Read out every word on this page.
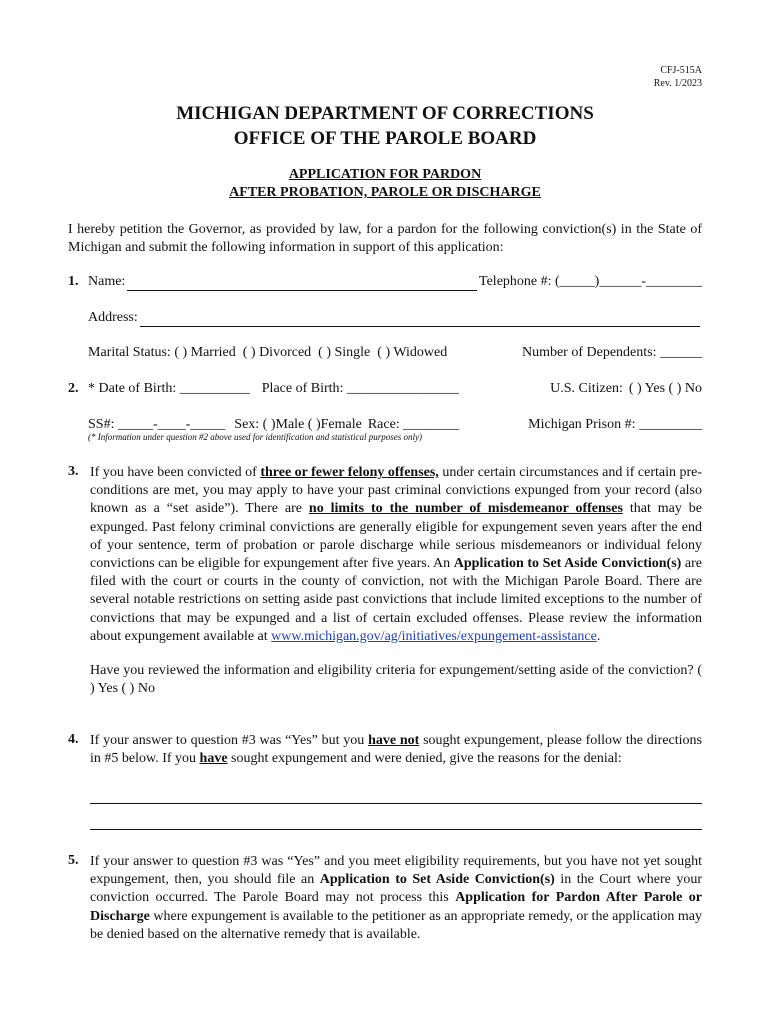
CFJ-515A
Rev. 1/2023
MICHIGAN DEPARTMENT OF CORRECTIONS
OFFICE OF THE PAROLE BOARD
APPLICATION FOR PARDON
AFTER PROBATION, PAROLE OR DISCHARGE
I hereby petition the Governor, as provided by law, for a pardon for the following conviction(s) in the State of Michigan and submit the following information in support of this application:
1. Name:	Telephone #: (_____)______-________
Address:
Marital Status: ( ) Married ( ) Divorced ( ) Single ( ) Widowed	Number of Dependents: ______
2. * Date of Birth: __________ Place of Birth: ________________	U.S. Citizen: ( ) Yes ( ) No
SS#: _____-____-_____ Sex: ( )Male ( )Female Race: ________	Michigan Prison #: _________
(* Information under question #2 above used for identification and statistical purposes only)
3. If you have been convicted of three or fewer felony offenses, under certain circumstances and if certain pre-conditions are met, you may apply to have your past criminal convictions expunged from your record (also known as a “set aside”). There are no limits to the number of misdemeanor offenses that may be expunged. Past felony criminal convictions are generally eligible for expungement seven years after the end of your sentence, term of probation or parole discharge while serious misdemeanors or individual felony convictions can be eligible for expungement after five years. An Application to Set Aside Conviction(s) are filed with the court or courts in the county of conviction, not with the Michigan Parole Board. There are several notable restrictions on setting aside past convictions that include limited exceptions to the number of convictions that may be expunged and a list of certain excluded offenses. Please review the information about expungement available at www.michigan.gov/ag/initiatives/expungement-assistance.
Have you reviewed the information and eligibility criteria for expungement/setting aside of the conviction? ( ) Yes ( ) No
4. If your answer to question #3 was “Yes” but you have not sought expungement, please follow the directions in #5 below. If you have sought expungement and were denied, give the reasons for the denial:
5. If your answer to question #3 was “Yes” and you meet eligibility requirements, but you have not yet sought expungement, then, you should file an Application to Set Aside Conviction(s) in the Court where your conviction occurred. The Parole Board may not process this Application for Pardon After Parole or Discharge where expungement is available to the petitioner as an appropriate remedy, or the application may be denied based on the alternative remedy that is available.
